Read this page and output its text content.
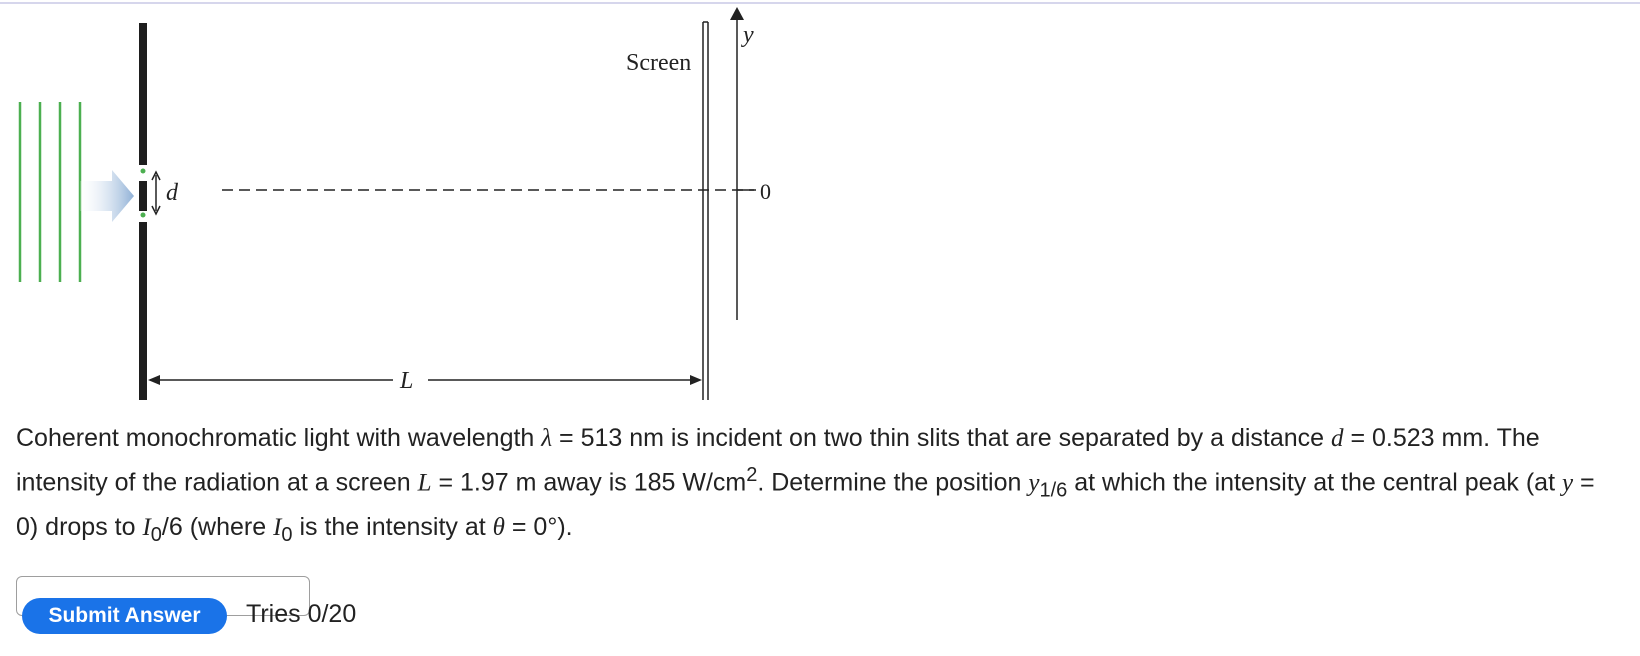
d
Screen
y
0
L
Coherent monochromatic light with wavelength λ = 513 nm is incident on two thin slits that are separated by a distance d = 0.523 mm. The intensity of the radiation at a screen L = 1.97 m away is 185 $W/cm^2$. Determine the position $y_{1/6}$ at which the intensity at the central peak (at y = 0) drops to $I_0/6$ (where $I_0$ is the intensity at θ = 0°).
Submit Answer	Tries 0/20
